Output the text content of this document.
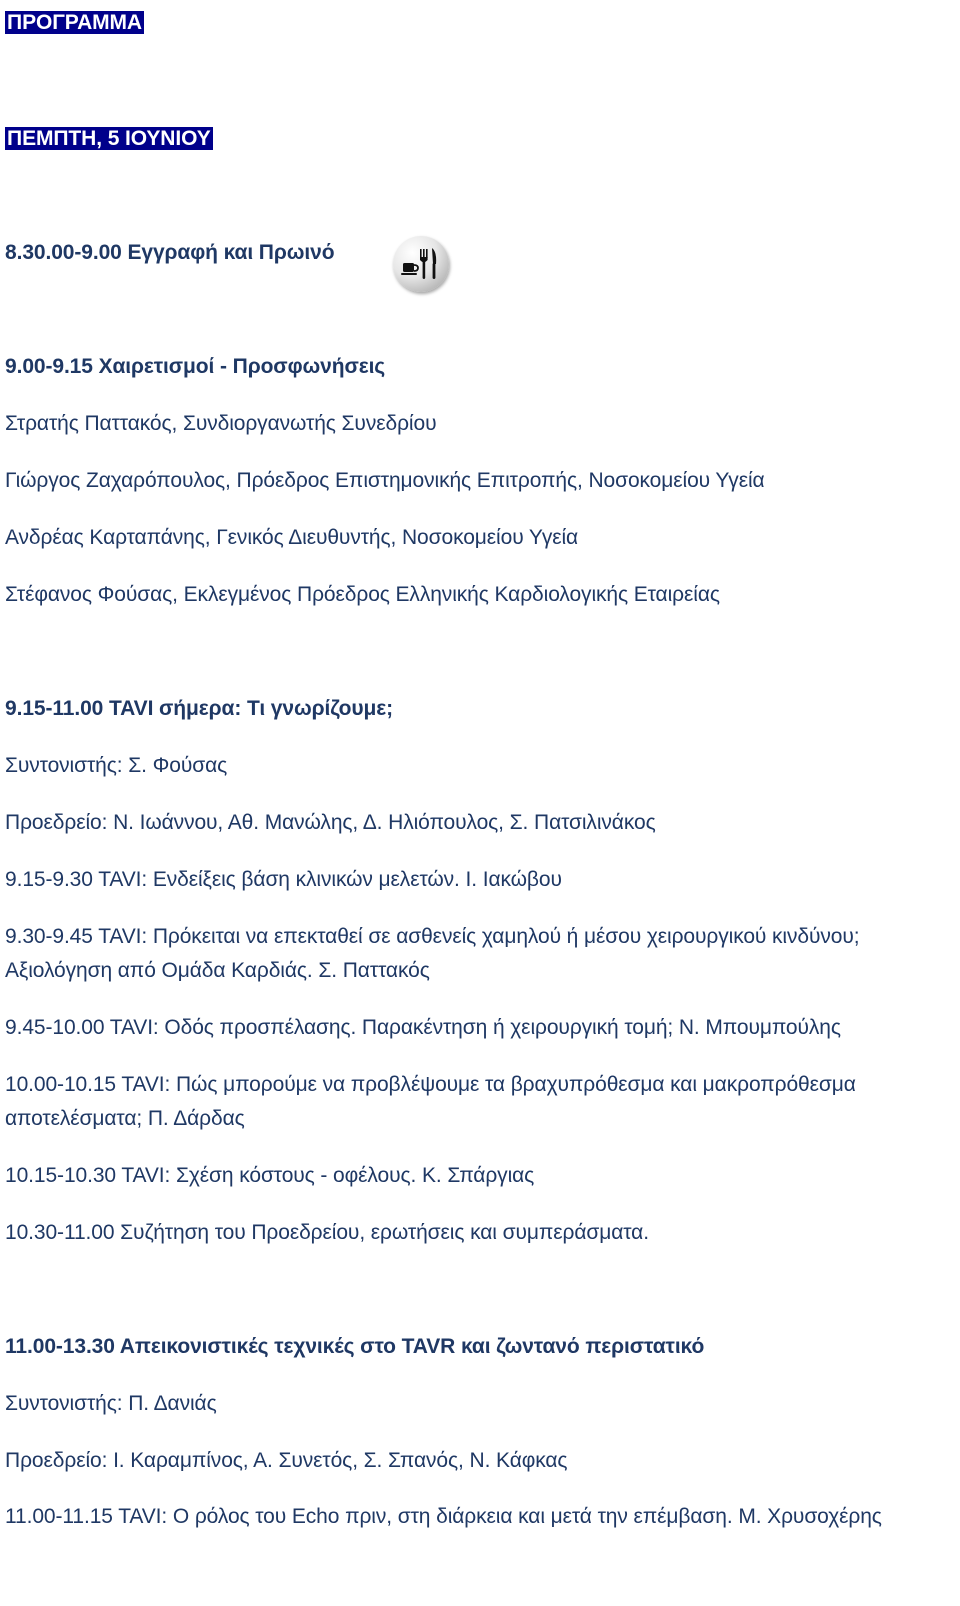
ΠΡΟΓΡΑΜΜΑ
ΠΕΜΠΤΗ, 5 ΙΟΥΝΙΟΥ
8.30.00-9.00 Εγγραφή και Πρωινό
9.00-9.15 Χαιρετισμοί - Προσφωνήσεις
Στρατής Παττακός, Συνδιοργανωτής Συνεδρίου
Γιώργος Ζαχαρόπουλος, Πρόεδρος Επιστημονικής Επιτροπής, Νοσοκομείου Υγεία
Ανδρέας Καρταπάνης, Γενικός Διευθυντής, Νοσοκομείου Υγεία
Στέφανος Φούσας, Εκλεγμένος Πρόεδρος Ελληνικής Καρδιολογικής Εταιρείας
9.15-11.00 TAVI σήμερα: Τι γνωρίζουμε;
Συντονιστής: Σ. Φούσας
Προεδρείο: Ν. Ιωάννου, Αθ. Μανώλης, Δ. Ηλιόπουλος, Σ. Πατσιλινάκος
9.15-9.30 TAVI: Ενδείξεις βάση κλινικών μελετών. Ι. Ιακώβου
9.30-9.45 TAVI: Πρόκειται να επεκταθεί σε ασθενείς χαμηλού ή μέσου χειρουργικού κινδύνου; Αξιολόγηση από Ομάδα Καρδιάς. Σ. Παττακός
9.45-10.00 TAVI: Οδός προσπέλασης. Παρακέντηση ή χειρουργική τομή; Ν. Μπουμπούλης
10.00-10.15 TAVI: Πώς μπορούμε να προβλέψουμε τα βραχυπρόθεσμα και μακροπρόθεσμα αποτελέσματα; Π. Δάρδας
10.15-10.30 TAVI: Σχέση κόστους - οφέλους. Κ. Σπάργιας
10.30-11.00 Συζήτηση του Προεδρείου, ερωτήσεις και συμπεράσματα.
11.00-13.30 Απεικονιστικές τεχνικές στο TAVR και ζωντανό περιστατικό
Συντονιστής: Π. Δανιάς
Προεδρείο: Ι. Καραμπίνος, Α. Συνετός, Σ. Σπανός, Ν. Κάφκας
11.00-11.15 TAVI: Ο ρόλος του Echo πριν, στη διάρκεια και μετά την επέμβαση. Μ. Χρυσοχέρης
